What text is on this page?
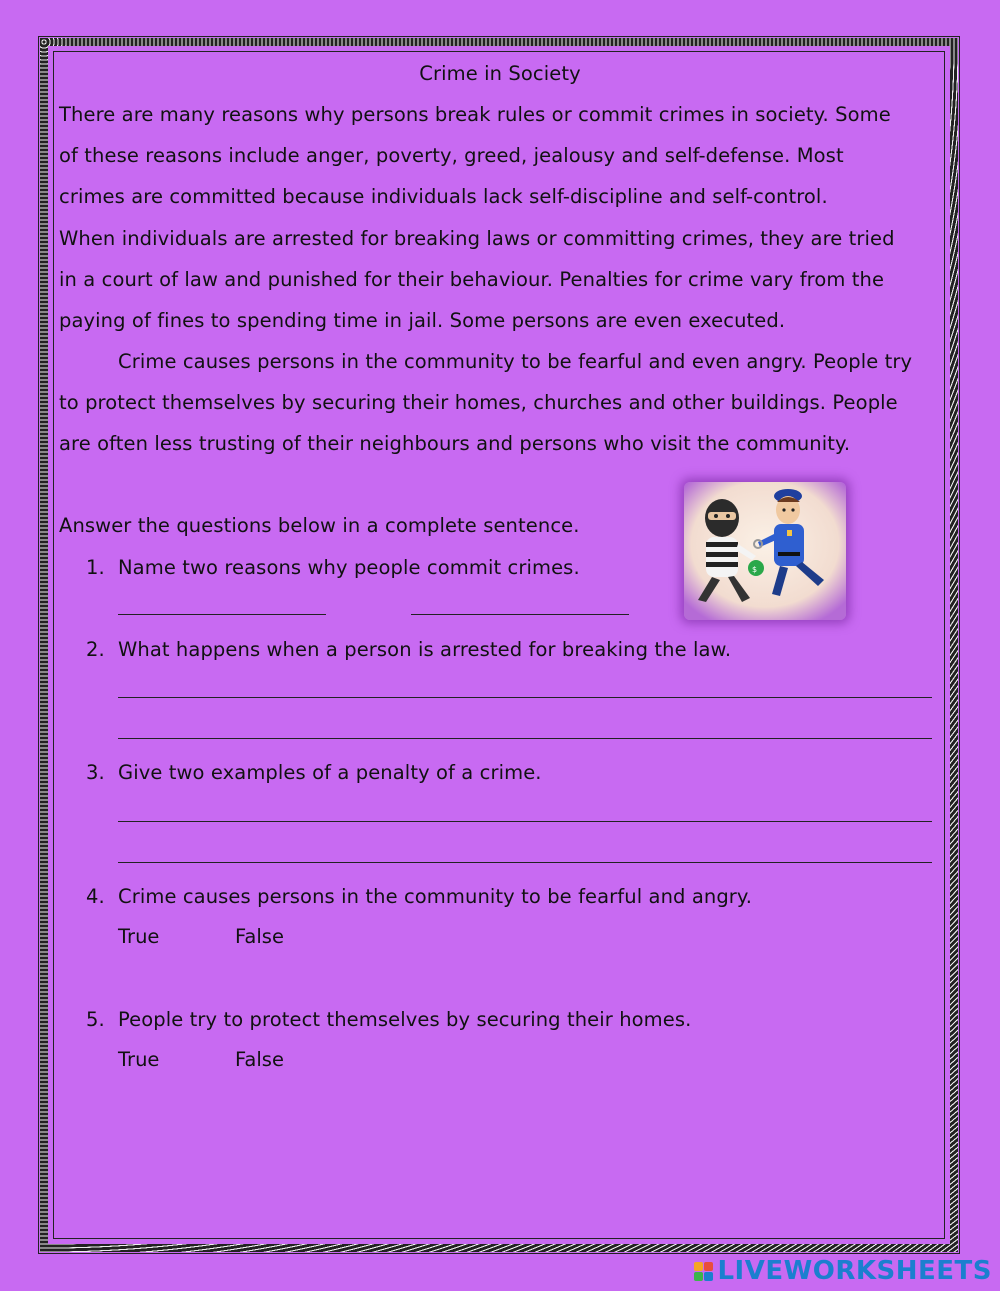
Crime in Society
There are many reasons why persons break rules or commit crimes in society. Some
of these reasons include anger, poverty, greed, jealousy and self-defense. Most
crimes are committed because individuals lack self-discipline and self-control.
When individuals are arrested for breaking laws or committing crimes, they are tried
in a court of law and punished for their behaviour. Penalties for crime vary from the
paying of fines to spending time in jail. Some persons are even executed.
Crime causes persons in the community to be fearful and even angry. People try
to protect themselves by securing their homes, churches and other buildings. People
are often less trusting of their neighbours and persons who visit the community.
Answer the questions below in a complete sentence.
1. Name two reasons why people commit crimes.
2. What happens when a person is arrested for breaking the law.
3. Give two examples of a penalty of a crime.
4. Crime causes persons in the community to be fearful and angry.
True	False
5. People try to protect themselves by securing their homes.
True	False
$
LIVEWORKSHEETS
